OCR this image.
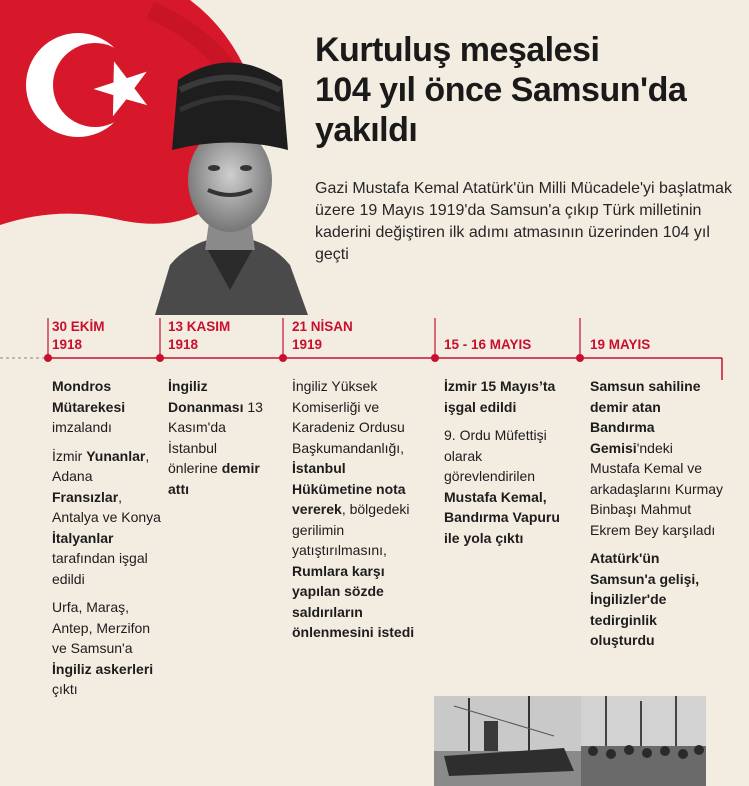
Kurtuluş meşalesi
104 yıl önce Samsun'da
yakıldı

Gazi Mustafa Kemal Atatürk'ün Milli Mücadele'yi başlatmak üzere 19 Mayıs 1919'da Samsun'a çıkıp Türk milletinin kaderini değiştiren ilk adımı atmasının üzerinden 104 yıl geçti

30 EKİM
1918
13 KASIM
1918
21 NİSAN
1919	15 - 16 MAYIS	19 MAYIS

Mondros Mütarekesi imzalandı

İzmir Yunanlar, Adana Fransızlar, Antalya ve Konya İtalyanlar tarafından işgal edildi

Urfa, Maraş, Antep, Merzifon ve Samsun'a İngiliz askerleri çıktı

İngiliz Donanması 13 Kasım'da İstanbul önlerine demir attı

İngiliz Yüksek Komiserliği ve Karadeniz Ordusu Başkumandanlığı, İstanbul Hükümetine nota vererek, bölgedeki gerilimin yatıştırılmasını, Rumlara karşı yapılan sözde saldırıların önlenmesini istedi

İzmir 15 Mayıs’ta işgal edildi

9. Ordu Müfettişi olarak görevlendirilen Mustafa Kemal, Bandırma Vapuru ile yola çıktı

Samsun sahiline demir atan Bandırma Gemisi'ndeki Mustafa Kemal ve arkadaşlarını Kurmay Binbaşı Mahmut Ekrem Bey karşıladı

Atatürk'ün Samsun'a gelişi, İngilizler'de tedirginlik oluşturdu
